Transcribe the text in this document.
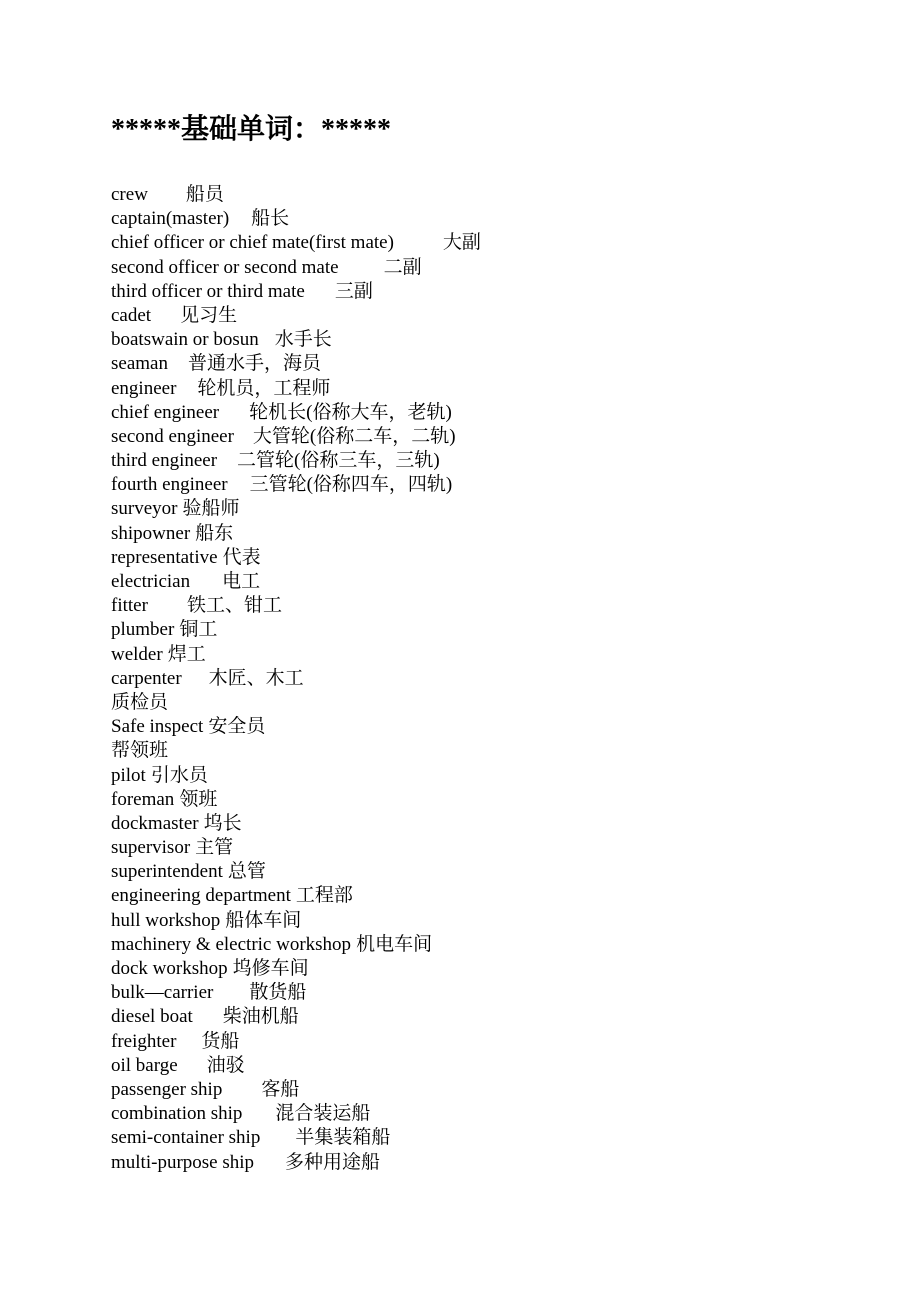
*****基础单词：*****
crew 船员
captain(master) 船长
chief officer or chief mate(first mate)	大副
second officer or second mate 二副
third officer or third mate 三副
cadet 见习生
boatswain or bosun 水手长
seaman 普通水手，海员
engineer 轮机员，工程师
chief engineer 轮机长(俗称大车，老轨)
second engineer 大管轮(俗称二车，二轨)
third engineer 二管轮(俗称三车，三轨)
fourth engineer 三管轮(俗称四车，四轨)
surveyor 验船师
shipowner 船东
representative 代表
electrician 电工
fitter 铁工、钳工
plumber 铜工
welder 焊工
carpenter 木匠、木工
质检员
Safe inspect 安全员
帮领班
pilot 引水员
foreman 领班
dockmaster 坞长
supervisor 主管
superintendent 总管
engineering department 工程部
hull workshop 船体车间
machinery & electric workshop 机电车间
dock workshop 坞修车间
bulk—carrier 散货船
diesel boat 柴油机船
freighter 货船
oil barge 油驳
passenger ship 客船
combination ship 混合装运船
semi-container ship 半集装箱船
multi-purpose ship 多种用途船
